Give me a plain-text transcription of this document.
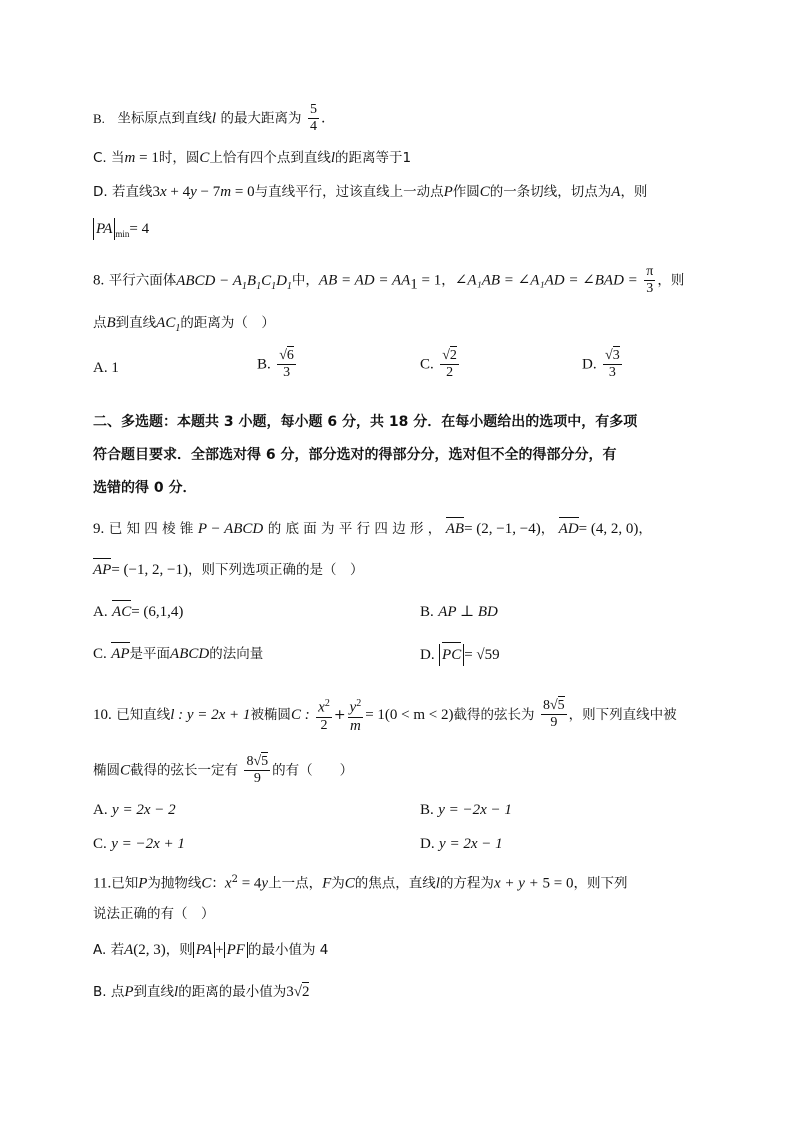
B. 坐标原点到直线l 的最大距离为 $\frac{5}{4}$ .
C. 当m = 1时，圆C上恰有四个点到直线l的距离等于1
D. 若直线3x + 4y − 7m = 0与直线平行，过该直线上一动点P作圆C的一条切线，切点为A，则
PA $_{min}$= 4
8. 平行六面体ABCD − $A_1B_1C_1D_1$中，AB = AD = $AA_1 = 1$，∠A₁AB = ∠A₁AD = ∠BAD = $\frac{\pi}{3}$ ，则
点B到直线$AC_1$的距离为（　）
A. 1	B. $\frac{√6}{3}$	C. $\frac{√2}{2}$	D. $\frac{√3}{3}$
二、多选题：本题共 3 小题，每小题 6 分，共 18 分．在每小题给出的选项中，有多项
符合题目要求．全部选对得 6 分，部分选对的得部分分，选对但不全的得部分分，有
选错的得 0 分．
9. 已 知 四 棱 锥 P − ABCD 的 底 面 为 平 行 四 边 形 ， AB= (2, −1, −4)， AD= (4, 2, 0)，
AP= (−1, 2, −1)，则下列选项正确的是（　）
A. AC= (6,1,4)	B. AP ⊥ BD
C. AP是平面ABCD的法向量	D. PC = √59
10. 已知直线l : y = 2x + 1被椭圆C : $\frac{x^2}{2} + \frac{y^2}{m} = 1(0 < m < 2)$截得的弦长为 $\frac{8√5}{9}$ ，则下列直线中被
椭圆C截得的弦长一定有 $\frac{8√5}{9}$ 的有（　　）
A. y = 2x − 2	B. y = −2x − 1
C. y = −2x + 1	D. y = 2x − 1
11.已知P为抛物线C：$x^2 = 4y$上一点，F为C的焦点，直线l的方程为x + y + 5 = 0，则下列
说法正确的有（　）
A. 若A(2, 3)，则 PA + PF 的最小值为 4
B. 点P到直线l的距离的最小值为3√2
